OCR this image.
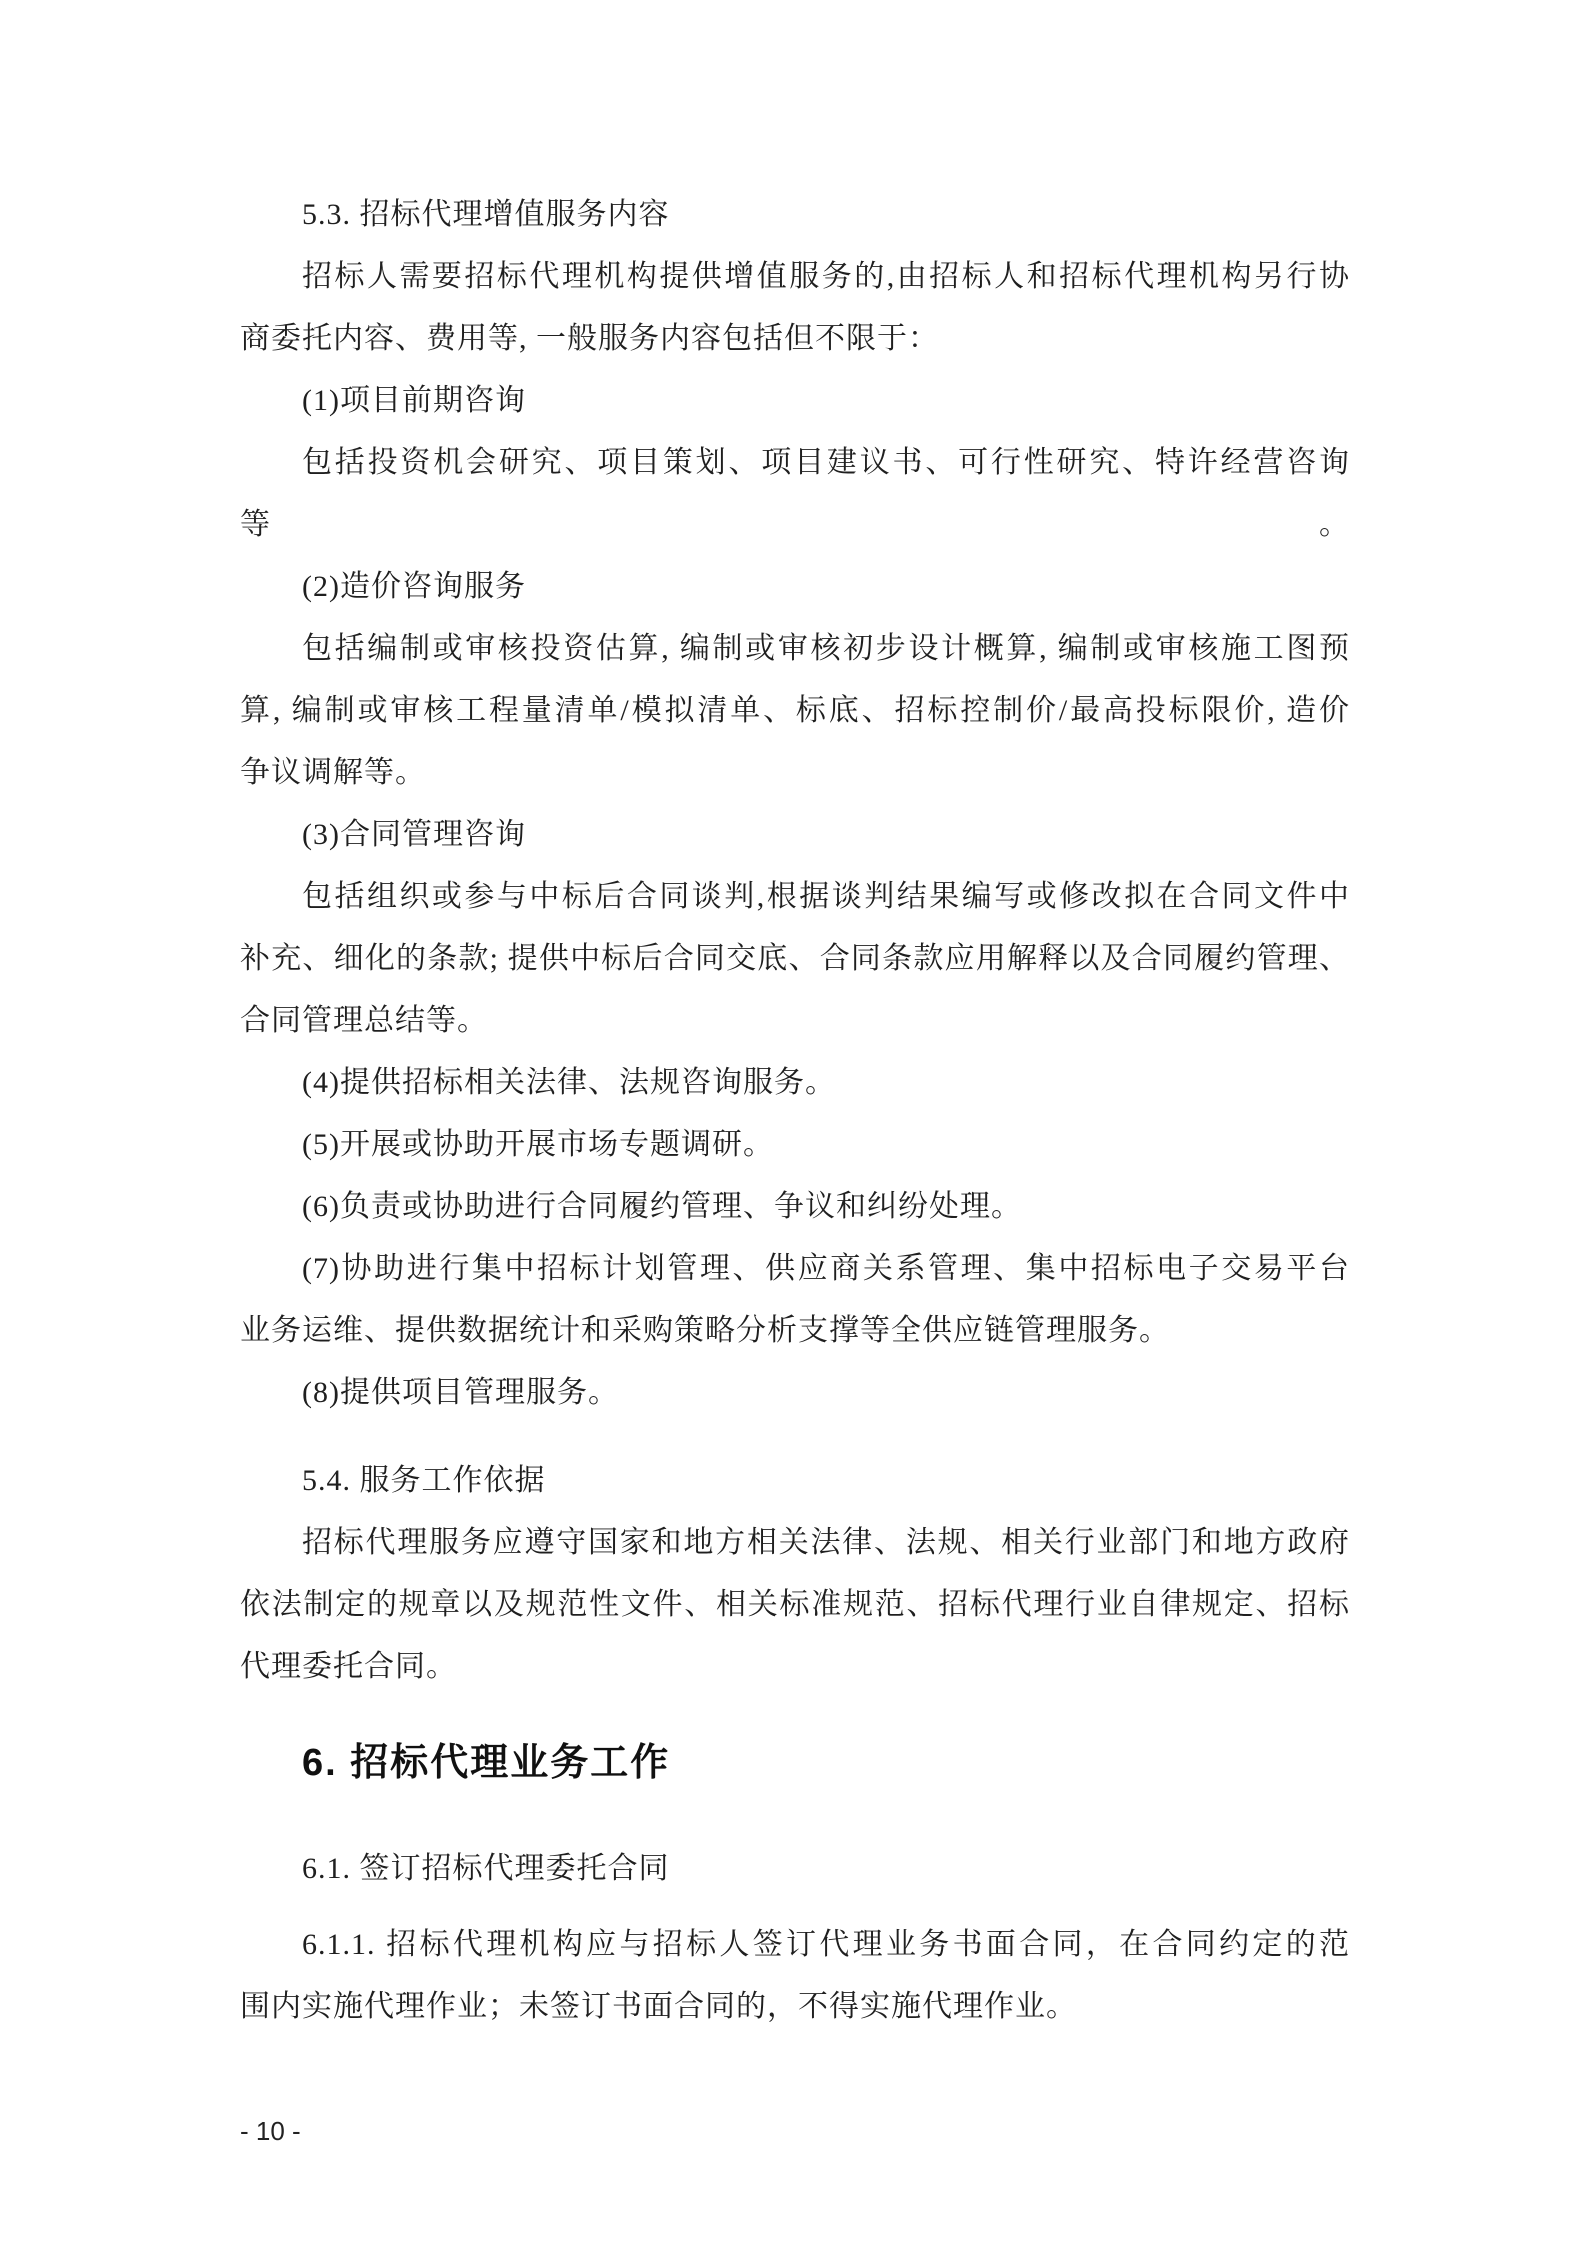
5.3. 招标代理增值服务内容
招标人需要招标代理机构提供增值服务的,由招标人和招标代理机构另行协
商委托内容、费用等, 一般服务内容包括但不限于：
(1)项目前期咨询
包括投资机会研究、项目策划、项目建议书、可行性研究、特许经营咨询等。
(2)造价咨询服务
包括编制或审核投资估算, 编制或审核初步设计概算, 编制或审核施工图预
算, 编制或审核工程量清单/模拟清单、标底、招标控制价/最高投标限价, 造价
争议调解等。
(3)合同管理咨询
包括组织或参与中标后合同谈判,根据谈判结果编写或修改拟在合同文件中
补充、细化的条款; 提供中标后合同交底、合同条款应用解释以及合同履约管理、
合同管理总结等。
(4)提供招标相关法律、法规咨询服务。
(5)开展或协助开展市场专题调研。
(6)负责或协助进行合同履约管理、争议和纠纷处理。
(7)协助进行集中招标计划管理、供应商关系管理、集中招标电子交易平台
业务运维、提供数据统计和采购策略分析支撑等全供应链管理服务。
(8)提供项目管理服务。
5.4. 服务工作依据
招标代理服务应遵守国家和地方相关法律、法规、相关行业部门和地方政府
依法制定的规章以及规范性文件、相关标准规范、招标代理行业自律规定、招标
代理委托合同。
6. 招标代理业务工作
6.1. 签订招标代理委托合同
6.1.1. 招标代理机构应与招标人签订代理业务书面合同，在合同约定的范
围内实施代理作业；未签订书面合同的，不得实施代理作业。
- 10 -
